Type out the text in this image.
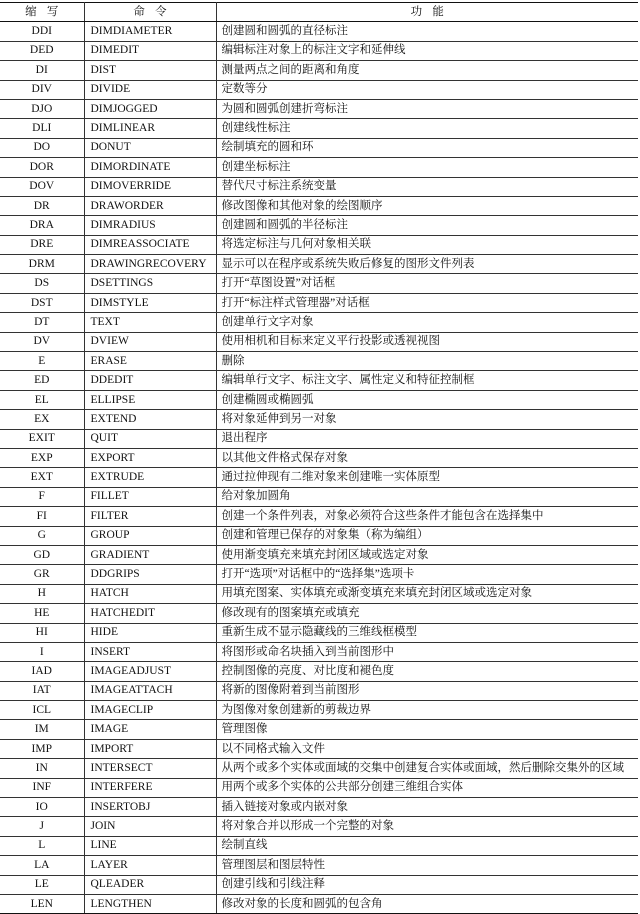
缩写	命令	功能
DDI	DIMDIAMETER	创建圆和圆弧的直径标注
DED	DIMEDIT	编辑标注对象上的标注文字和延伸线
DI	DIST	测量两点之间的距离和角度
DIV	DIVIDE	定数等分
DJO	DIMJOGGED	为圆和圆弧创建折弯标注
DLI	DIMLINEAR	创建线性标注
DO	DONUT	绘制填充的圆和环
DOR	DIMORDINATE	创建坐标标注
DOV	DIMOVERRIDE	替代尺寸标注系统变量
DR	DRAWORDER	修改图像和其他对象的绘图顺序
DRA	DIMRADIUS	创建圆和圆弧的半径标注
DRE	DIMREASSOCIATE	将选定标注与几何对象相关联
DRM	DRAWINGRECOVERY	显示可以在程序或系统失败后修复的图形文件列表
DS	DSETTINGS	打开“草图设置”对话框
DST	DIMSTYLE	打开“标注样式管理器”对话框
DT	TEXT	创建单行文字对象
DV	DVIEW	使用相机和目标来定义平行投影或透视视图
E	ERASE	删除
ED	DDEDIT	编辑单行文字、标注文字、属性定义和特征控制框
EL	ELLIPSE	创建椭圆或椭圆弧
EX	EXTEND	将对象延伸到另一对象
EXIT	QUIT	退出程序
EXP	EXPORT	以其他文件格式保存对象
EXT	EXTRUDE	通过拉伸现有二维对象来创建唯一实体原型
F	FILLET	给对象加圆角
FI	FILTER	创建一个条件列表，对象必须符合这些条件才能包含在选择集中
G	GROUP	创建和管理已保存的对象集（称为编组）
GD	GRADIENT	使用渐变填充来填充封闭区域或选定对象
GR	DDGRIPS	打开“选项”对话框中的“选择集”选项卡
H	HATCH	用填充图案、实体填充或渐变填充来填充封闭区域或选定对象
HE	HATCHEDIT	修改现有的图案填充或填充
HI	HIDE	重新生成不显示隐藏线的三维线框模型
I	INSERT	将图形或命名块插入到当前图形中
IAD	IMAGEADJUST	控制图像的亮度、对比度和褪色度
IAT	IMAGEATTACH	将新的图像附着到当前图形
ICL	IMAGECLIP	为图像对象创建新的剪裁边界
IM	IMAGE	管理图像
IMP	IMPORT	以不同格式输入文件
IN	INTERSECT	从两个或多个实体或面域的交集中创建复合实体或面域，然后删除交集外的区域
INF	INTERFERE	用两个或多个实体的公共部分创建三维组合实体
IO	INSERTOBJ	插入链接对象或内嵌对象
J	JOIN	将对象合并以形成一个完整的对象
L	LINE	绘制直线
LA	LAYER	管理图层和图层特性
LE	QLEADER	创建引线和引线注释
LEN	LENGTHEN	修改对象的长度和圆弧的包含角
